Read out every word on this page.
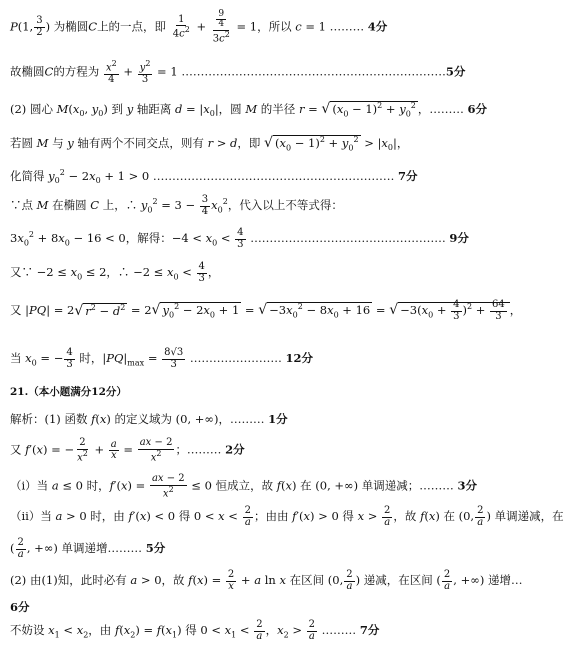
P(1, $\frac{3}{2}$ ) 为椭圆C上的一点，即 $\frac{1}{4c^2} + \frac{\frac{9}{4}}{3c^2} = 1$，所以 c = 1 ……… 4分
故椭圆C的方程为 $\frac{x^2}{4} + \frac{y^2}{3} = 1$ ……………………………………………………………5分
(2) 圆心 $M(x_0$, $y_0$) 到 y 轴距离 $d = |x_0|$，圆 M 的半径 r = √ $(x_0 - 1)^2 + y_0^2$ ，……… 6分
若圆 M 与 y 轴有两个不同交点，则有 r > d，即 √ $(x_0 - 1)^2 + y_0^2 > |x_0|$，
化简得 $y_0^2 - 2x_0 + 1 > 0$ ……………………………………………………… 7分
∵点 M 在椭圆 C 上，∴ $y_0^2 = 3 - \frac{3}{4} x_0^2$，代入以上不等式得：
$3x_0^2 + 8x_0 - 16 < 0$，解得：$-4 < x_0 < \frac{4}{3}$ …………………………………………… 9分
又∵ $-2 \le x_0 \le 2$，∴ $-2 \le x_0 < \frac{4}{3}$ ，
又 |PQ| = 2√ $r^2 - d^2 = 2√$ $y_0^2 - 2x_0 + 1$ = √ $-3x_0^2 - 8x_0 + 16$ = √ $-3(x_0 + \frac{4}{3} )^2 + \frac{64}{3}$ ，
当 $x_0$ = − $\frac{4}{3}$ 时，$|PQ|_{max} = \frac{8√3}{3}$ …………………… 12分
21.（本小题满分12分）
解析：(1) 函数 f(x) 的定义域为 (0, +∞)，……… 1分
又 f′(x) = − $\frac{2}{x^2} + \frac{a}{x} = \frac{ax - 2}{x^2}$ ；……… 2分
（ⅰ）当 a ≤ 0 时，$f'(x) = \frac{ax - 2}{x^2} \le 0$ 恒成立，故 f(x) 在 (0, +∞) 单调递减；……… 3分
（ⅱ）当 a > 0 时，由 f′(x) < 0 得 $0 < x < \frac{2}{a}$ ；由由 f′(x) > 0 得 $x > \frac{2}{a}$ ，故 f(x) 在 (0, $\frac{2}{a}$ ) 单调递减，在
( $\frac{2}{a}$ , +∞) 单调递增……… 5分
(2) 由(1)知，此时必有 a > 0，故 $f(x) = \frac{2}{x} + a$ ln x 在区间 (0, $\frac{2}{a}$ ) 递减，在区间 ( $\frac{2}{a}$ , +∞) 递增…
6分
不妨设 $x_1 < x_2$，由 $f(x_2) = f(x_1)$ 得 $0 < x_1 < \frac{2}{a}$ ，$x_2 > \frac{2}{a}$ ……… 7分
